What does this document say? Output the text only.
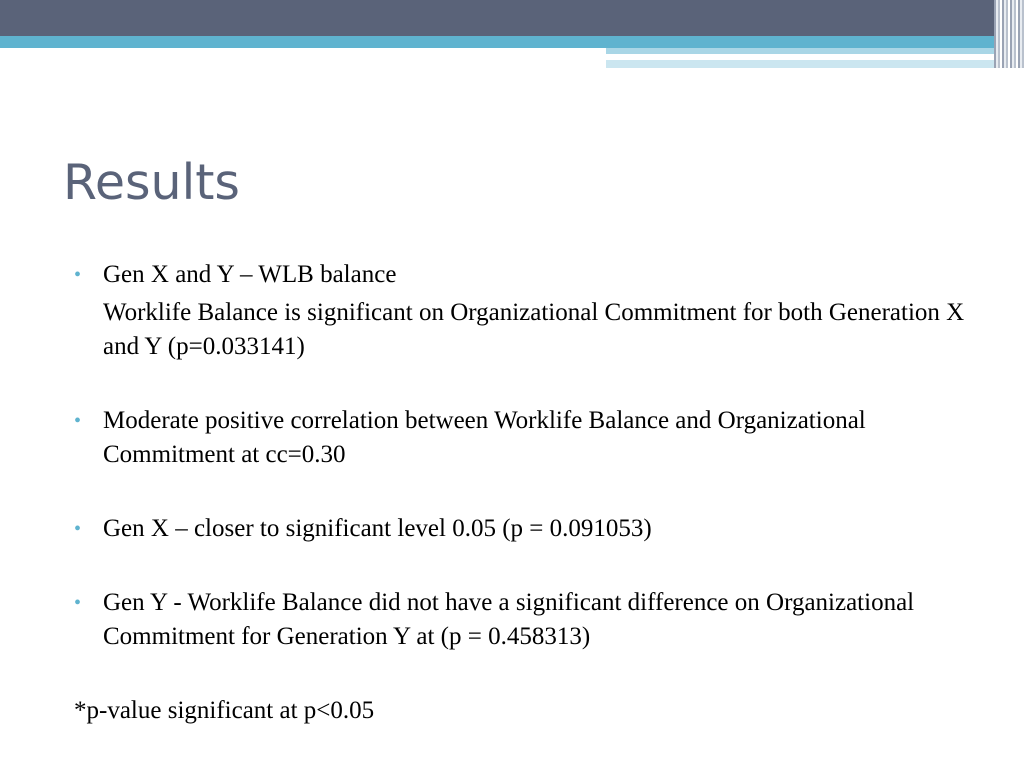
Results
• Gen X and Y – WLB balance
Worklife Balance is significant on Organizational Commitment for both Generation X and Y (p=0.033141)
• Moderate positive correlation between Worklife Balance and Organizational Commitment at cc=0.30
• Gen X – closer to significant level 0.05 (p = 0.091053)
• Gen Y - Worklife Balance did not have a significant difference on Organizational Commitment for Generation Y at (p = 0.458313)
*p-value significant at p<0.05
